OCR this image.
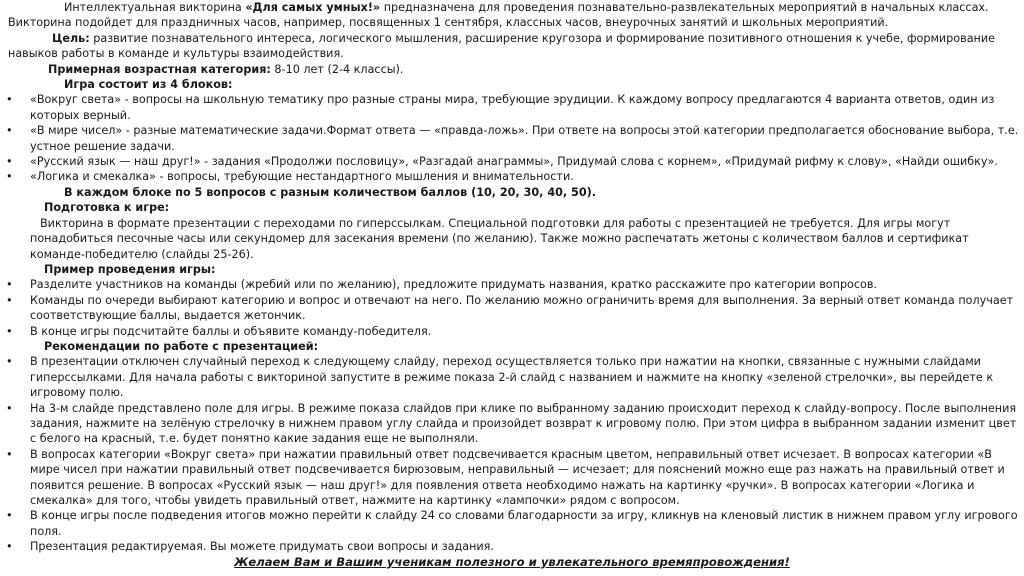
Интеллектуальная викторина «Для самых умных!» предназначена для проведения познавательно-развлекательных мероприятий в начальных классах. Викторина подойдет для праздничных часов, например, посвященных 1 сентября, классных часов, внеурочных занятий и школьных мероприятий.

Цель: развитие познавательного интереса, логического мышления, расширение кругозора и формирование позитивного отношения к учебе, формирование навыков работы в команде и культуры взаимодействия.

Примерная возрастная категория: 8-10 лет (2-4 классы).

Игра состоит из 4 блоков:

• «Вокруг света» - вопросы на школьную тематику про разные страны мира, требующие эрудиции. К каждому вопросу предлагаются 4 варианта ответов, один из которых верный.
• «В мире чисел» - разные математические задачи.Формат ответа — «правда-ложь». При ответе на вопросы этой категории предполагается обоснование выбора, т.е. устное решение задачи.
• «Русский язык — наш друг!» - задания «Продолжи пословицу», «Разгадай анаграммы», Придумай слова с корнем», «Придумай рифму к слову», «Найди ошибку».
• «Логика и смекалка» - вопросы, требующие нестандартного мышления и внимательности.

В каждом блоке по 5 вопросов с разным количеством баллов (10, 20, 30, 40, 50).

Подготовка к игре:

Викторина в формате презентации с переходами по гиперссылкам. Специальной подготовки для работы с презентацией не требуется. Для игры могут понадобиться песочные часы или секундомер для засекания времени (по желанию). Также можно распечатать жетоны с количеством баллов и сертификат команде-победителю (слайды 25-26).

Пример проведения игры:

• Разделите участников на команды (жребий или по желанию), предложите придумать названия, кратко расскажите про категории вопросов.
• Команды по очереди выбирают категорию и вопрос и отвечают на него. По желанию можно ограничить время для выполнения. За верный ответ команда получает соответствующие баллы, выдается жетончик.
• В конце игры подсчитайте баллы и объявите команду-победителя.

Рекомендации по работе с презентацией:

• В презентации отключен случайный переход к следующему слайду, переход осуществляется только при нажатии на кнопки, связанные с нужными слайдами гиперссылками. Для начала работы с викториной запустите в режиме показа 2-й слайд с названием и нажмите на кнопку «зеленой стрелочки», вы перейдете к игровому полю.
• На 3-м слайде представлено поле для игры. В режиме показа слайдов при клике по выбранному заданию происходит переход к слайду-вопросу. После выполнения задания, нажмите на зелёную стрелочку в нижнем правом углу слайда и произойдет возврат к игровому полю. При этом цифра в выбранном задании изменит цвет с белого на красный, т.е. будет понятно какие задания еще не выполняли.
• В вопросах категории «Вокруг света» при нажатии правильный ответ подсвечивается красным цветом, неправильный ответ исчезает. В вопросах категории «В мире чисел при нажатии правильный ответ подсвечивается бирюзовым, неправильный — исчезает; для пояснений можно еще раз нажать на правильный ответ и появится решение. В вопросах «Русский язык — наш друг!» для появления ответа необходимо нажать на картинку «ручки». В вопросах категории «Логика и смекалка» для того, чтобы увидеть правильный ответ, нажмите на картинку «лампочки» рядом с вопросом.
• В конце игры после подведения итогов можно перейти к слайду 24 со словами благодарности за игру, кликнув на кленовый листик в нижнем правом углу игрового поля.
• Презентация редактируемая. Вы можете придумать свои вопросы и задания.

Желаем Вам и Вашим ученикам полезного и увлекательного времяпровождения!
